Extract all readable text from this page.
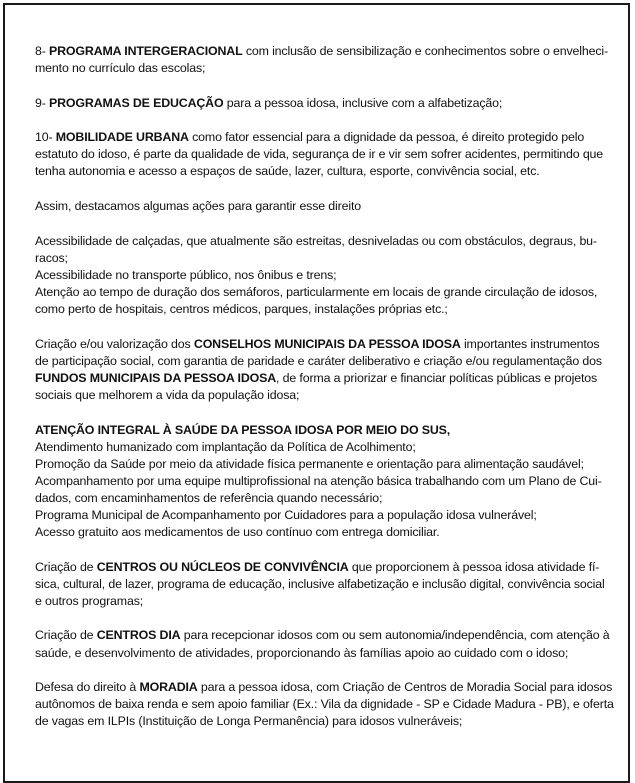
8- PROGRAMA INTERGERACIONAL com inclusão de sensibilização e conhecimentos sobre o envelheci-
mento no currículo das escolas;
9- PROGRAMAS DE EDUCAÇÃO para a pessoa idosa, inclusive com a alfabetização;
10- MOBILIDADE URBANA como fator essencial para a dignidade da pessoa, é direito protegido pelo
estatuto do idoso, é parte da qualidade de vida, segurança de ir e vir sem sofrer acidentes, permitindo que
tenha autonomia e acesso a espaços de saúde, lazer, cultura, esporte, convivência social, etc.
Assim, destacamos algumas ações para garantir esse direito
Acessibilidade de calçadas, que atualmente são estreitas, desniveladas ou com obstáculos, degraus, bu-
racos;
Acessibilidade no transporte público, nos ônibus e trens;
Atenção ao tempo de duração dos semáforos, particularmente em locais de grande circulação de idosos,
como perto de hospitais, centros médicos, parques, instalações próprias etc.;
Criação e/ou valorização dos CONSELHOS MUNICIPAIS DA PESSOA IDOSA importantes instrumentos
de participação social, com garantia de paridade e caráter deliberativo e criação e/ou regulamentação dos
FUNDOS MUNICIPAIS DA PESSOA IDOSA, de forma a priorizar e financiar políticas públicas e projetos
sociais que melhorem a vida da população idosa;
ATENÇÃO INTEGRAL À SAÚDE DA PESSOA IDOSA POR MEIO DO SUS,
Atendimento humanizado com implantação da Política de Acolhimento;
Promoção da Saúde por meio da atividade física permanente e orientação para alimentação saudável;
Acompanhamento por uma equipe multiprofissional na atenção básica trabalhando com um Plano de Cui-
dados, com encaminhamentos de referência quando necessário;
Programa Municipal de Acompanhamento por Cuidadores para a população idosa vulnerável;
Acesso gratuito aos medicamentos de uso contínuo com entrega domiciliar.
Criação de CENTROS OU NÚCLEOS DE CONVIVÊNCIA que proporcionem à pessoa idosa atividade fí-
sica, cultural, de lazer, programa de educação, inclusive alfabetização e inclusão digital, convivência social
e outros programas;
Criação de CENTROS DIA para recepcionar idosos com ou sem autonomia/independência, com atenção à
saúde, e desenvolvimento de atividades, proporcionando às famílias apoio ao cuidado com o idoso;
Defesa do direito à MORADIA para a pessoa idosa, com Criação de Centros de Moradia Social para idosos
autônomos de baixa renda e sem apoio familiar (Ex.: Vila da dignidade - SP e Cidade Madura - PB), e oferta
de vagas em ILPIs (Instituição de Longa Permanência) para idosos vulneráveis;
